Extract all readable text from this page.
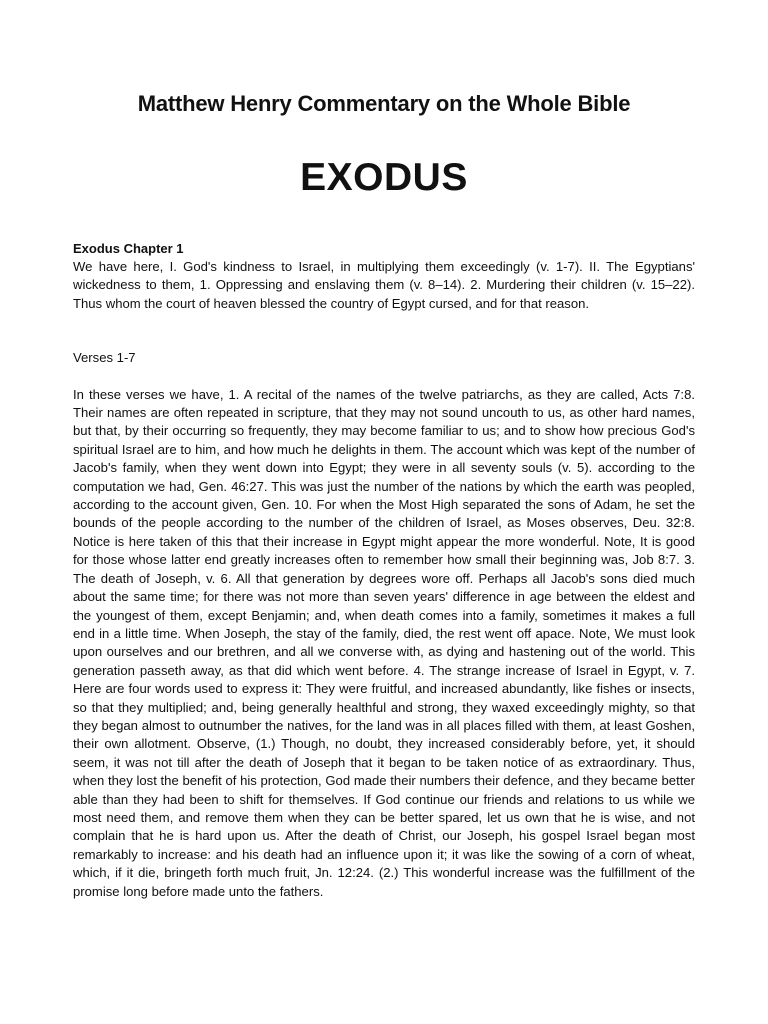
Matthew Henry Commentary on the Whole Bible
EXODUS
Exodus Chapter 1

We have here, I. God's kindness to Israel, in multiplying them exceedingly (v. 1-7). II. The Egyptians' wickedness to them, 1. Oppressing and enslaving them (v. 8–14). 2. Murdering their children (v. 15–22). Thus whom the court of heaven blessed the country of Egypt cursed, and for that reason.

Verses 1-7

In these verses we have, 1. A recital of the names of the twelve patriarchs, as they are called, Acts 7:8. Their names are often repeated in scripture, that they may not sound uncouth to us, as other hard names, but that, by their occurring so frequently, they may become familiar to us; and to show how precious God's spiritual Israel are to him, and how much he delights in them. The account which was kept of the number of Jacob's family, when they went down into Egypt; they were in all seventy souls (v. 5). according to the computation we had, Gen. 46:27. This was just the number of the nations by which the earth was peopled, according to the account given, Gen. 10. For when the Most High separated the sons of Adam, he set the bounds of the people according to the number of the children of Israel, as Moses observes, Deu. 32:8. Notice is here taken of this that their increase in Egypt might appear the more wonderful. Note, It is good for those whose latter end greatly increases often to remember how small their beginning was, Job 8:7. 3. The death of Joseph, v. 6. All that generation by degrees wore off. Perhaps all Jacob's sons died much about the same time; for there was not more than seven years' difference in age between the eldest and the youngest of them, except Benjamin; and, when death comes into a family, sometimes it makes a full end in a little time. When Joseph, the stay of the family, died, the rest went off apace. Note, We must look upon ourselves and our brethren, and all we converse with, as dying and hastening out of the world. This generation passeth away, as that did which went before. 4. The strange increase of Israel in Egypt, v. 7. Here are four words used to express it: They were fruitful, and increased abundantly, like fishes or insects, so that they multiplied; and, being generally healthful and strong, they waxed exceedingly mighty, so that they began almost to outnumber the natives, for the land was in all places filled with them, at least Goshen, their own allotment. Observe, (1.) Though, no doubt, they increased considerably before, yet, it should seem, it was not till after the death of Joseph that it began to be taken notice of as extraordinary. Thus, when they lost the benefit of his protection, God made their numbers their defence, and they became better able than they had been to shift for themselves. If God continue our friends and relations to us while we most need them, and remove them when they can be better spared, let us own that he is wise, and not complain that he is hard upon us. After the death of Christ, our Joseph, his gospel Israel began most remarkably to increase: and his death had an influence upon it; it was like the sowing of a corn of wheat, which, if it die, bringeth forth much fruit, Jn. 12:24. (2.) This wonderful increase was the fulfillment of the promise long before made unto the fathers.
